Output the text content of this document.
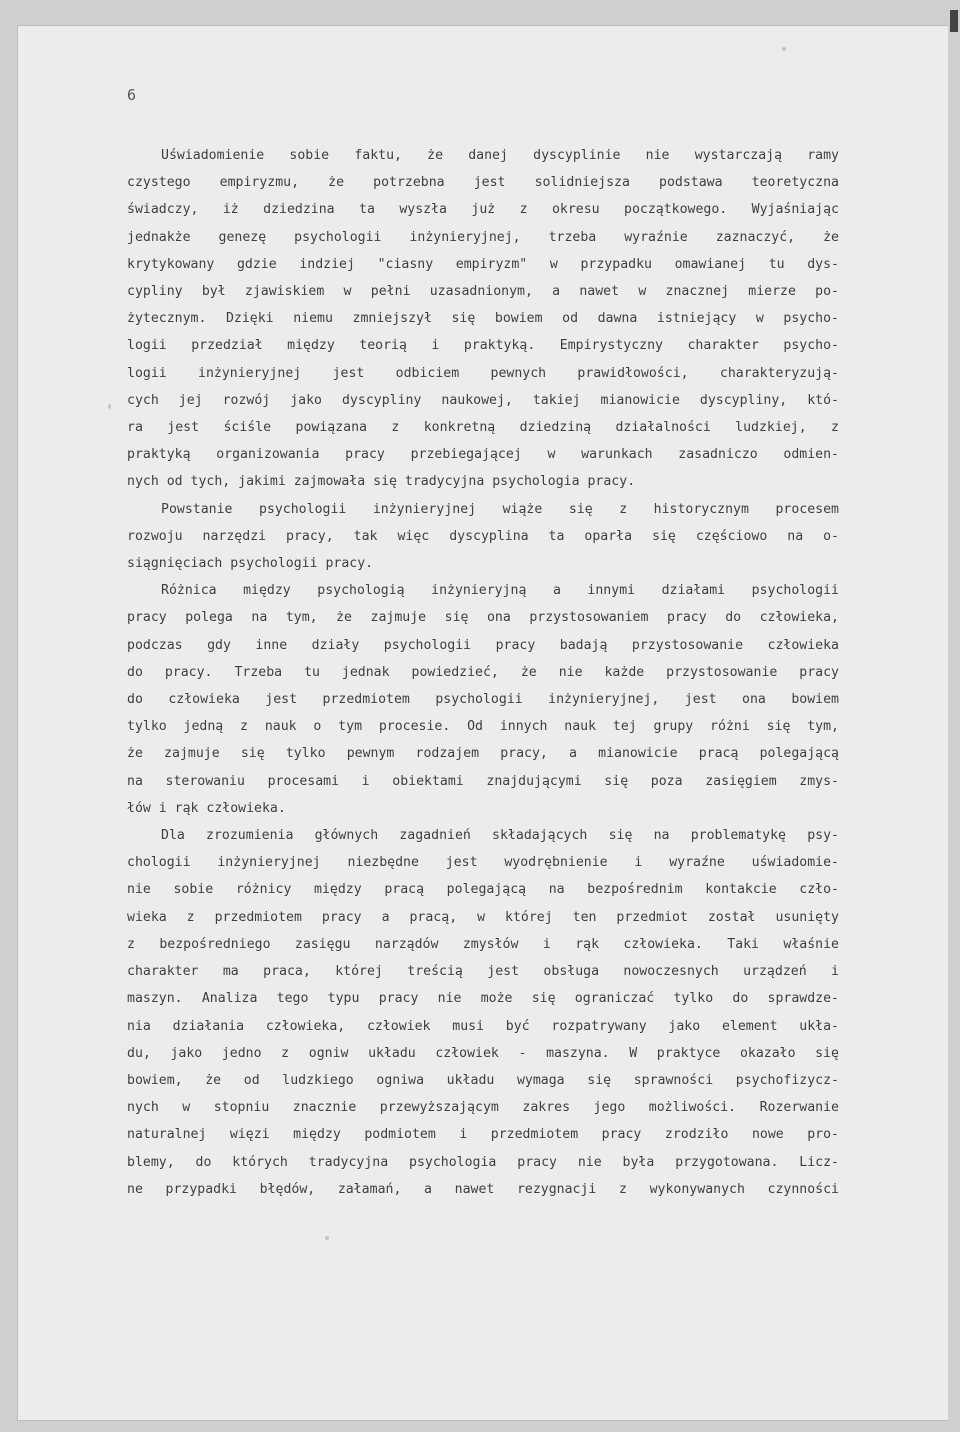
6
Uświadomienie sobie faktu, że danej dyscyplinie nie wystarczają ramy
czystego empiryzmu, że potrzebna jest solidniejsza podstawa teoretyczna
świadczy, iż dziedzina ta wyszła już z okresu początkowego. Wyjaśniając
jednakże genezę psychologii inżynieryjnej, trzeba wyraźnie zaznaczyć, że
krytykowany gdzie indziej "ciasny empiryzm" w przypadku omawianej tu dys-
cypliny był zjawiskiem w pełni uzasadnionym, a nawet w znacznej mierze po-
żytecznym. Dzięki niemu zmniejszył się bowiem od dawna istniejący w psycho-
logii przedział między teorią i praktyką. Empirystyczny charakter psycho-
logii inżynieryjnej jest odbiciem pewnych prawidłowości, charakteryzują-
cych jej rozwój jako dyscypliny naukowej, takiej mianowicie dyscypliny, któ-
ra jest ściśle powiązana z konkretną dziedziną działalności ludzkiej, z
praktyką organizowania pracy przebiegającej w warunkach zasadniczo odmien-
nych od tych, jakimi zajmowała się tradycyjna psychologia pracy.
Powstanie psychologii inżynieryjnej wiąże się z historycznym procesem
rozwoju narzędzi pracy, tak więc dyscyplina ta oparła się częściowo na o-
siągnięciach psychologii pracy.
Różnica między psychologią inżynieryjną a innymi działami psychologii
pracy polega na tym, że zajmuje się ona przystosowaniem pracy do człowieka,
podczas gdy inne działy psychologii pracy badają przystosowanie człowieka
do pracy. Trzeba tu jednak powiedzieć, że nie każde przystosowanie pracy
do człowieka jest przedmiotem psychologii inżynieryjnej, jest ona bowiem
tylko jedną z nauk o tym procesie. Od innych nauk tej grupy różni się tym,
że zajmuje się tylko pewnym rodzajem pracy, a mianowicie pracą polegającą
na sterowaniu procesami i obiektami znajdującymi się poza zasięgiem zmys-
łów i rąk człowieka.
Dla zrozumienia głównych zagadnień składających się na problematykę psy-
chologii inżynieryjnej niezbędne jest wyodrębnienie i wyraźne uświadomie-
nie sobie różnicy między pracą polegającą na bezpośrednim kontakcie czło-
wieka z przedmiotem pracy a pracą, w której ten przedmiot został usunięty
z bezpośredniego zasięgu narządów zmysłów i rąk człowieka. Taki właśnie
charakter ma praca, której treścią jest obsługa nowoczesnych urządzeń i
maszyn. Analiza tego typu pracy nie może się ograniczać tylko do sprawdze-
nia działania człowieka, człowiek musi być rozpatrywany jako element ukła-
du, jako jedno z ogniw układu człowiek - maszyna. W praktyce okazało się
bowiem, że od ludzkiego ogniwa układu wymaga się sprawności psychofizycz-
nych w stopniu znacznie przewyższającym zakres jego możliwości. Rozerwanie
naturalnej więzi między podmiotem i przedmiotem pracy zrodziło nowe pro-
blemy, do których tradycyjna psychologia pracy nie była przygotowana. Licz-
ne przypadki błędów, załamań, a nawet rezygnacji z wykonywanych czynności
